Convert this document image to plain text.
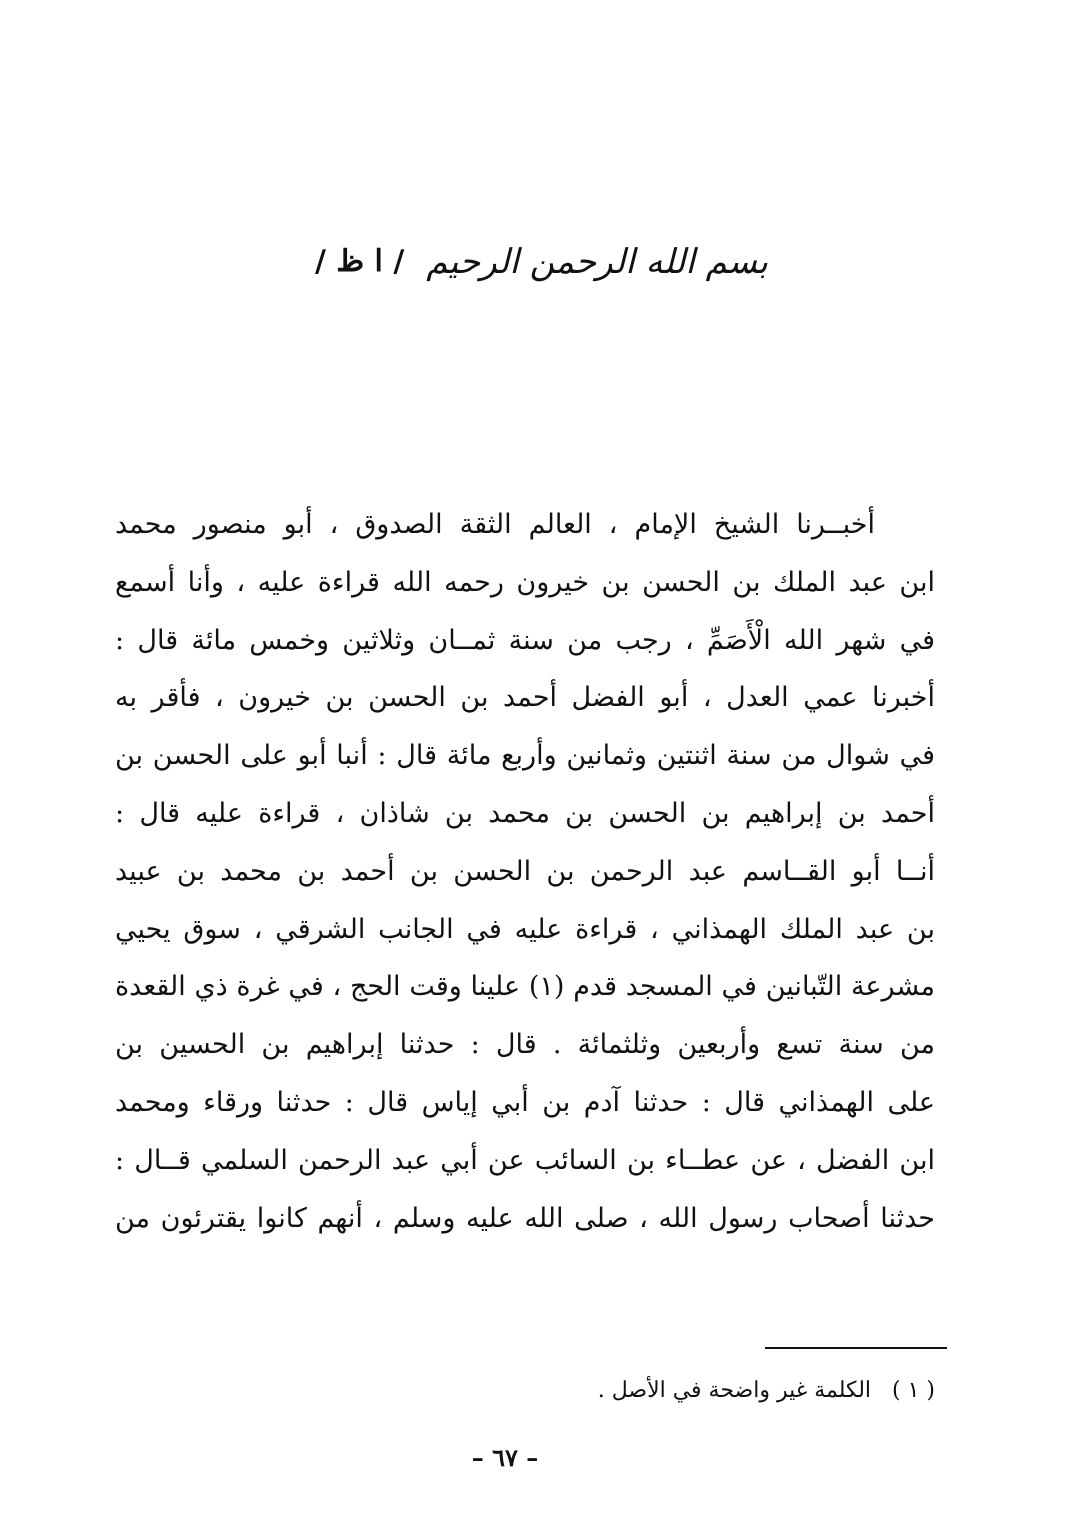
بسم الله الرحمن الرحيم
/ ا ظ /
أخبــرنا الشيخ الإمام ، العالم الثقة الصدوق ، أبو منصور محمد
ابن عبد الملك بن الحسن بن خيرون رحمه الله قراءة عليه ، وأنا أسمع
في شهر الله الْأَصَمِّ ، رجب من سنة ثمــان وثلاثين وخمس مائة قال :
أخبرنا عمي العدل ، أبو الفضل أحمد بن الحسن بن خيرون ، فأقر به
في شوال من سنة اثنتين وثمانين وأربع مائة قال : أنبا أبو على الحسن بن
أحمد بن إبراهيم بن الحسن بن محمد بن شاذان ، قراءة عليه قال :
أنــا أبو القــاسم عبد الرحمن بن الحسن بن أحمد بن محمد بن عبيد
بن عبد الملك الهمذاني ، قراءة عليه في الجانب الشرقي ، سوق يحيي
مشرعة التّبانين في المسجد قدم (١) علينا وقت الحج ، في غرة ذي القعدة
من سنة تسع وأربعين وثلثمائة . قال : حدثنا إبراهيم بن الحسين بن
على الهمذاني قال : حدثنا آدم بن أبي إياس قال : حدثنا ورقاء ومحمد
ابن الفضل ، عن عطــاء بن السائب عن أبي عبد الرحمن السلمي قــال :
حدثنا أصحاب رسول الله ، صلى الله عليه وسلم ، أنهم كانوا يقترئون من
( ١ ) الكلمة غير واضحة في الأصل .
– ٦٧ –
